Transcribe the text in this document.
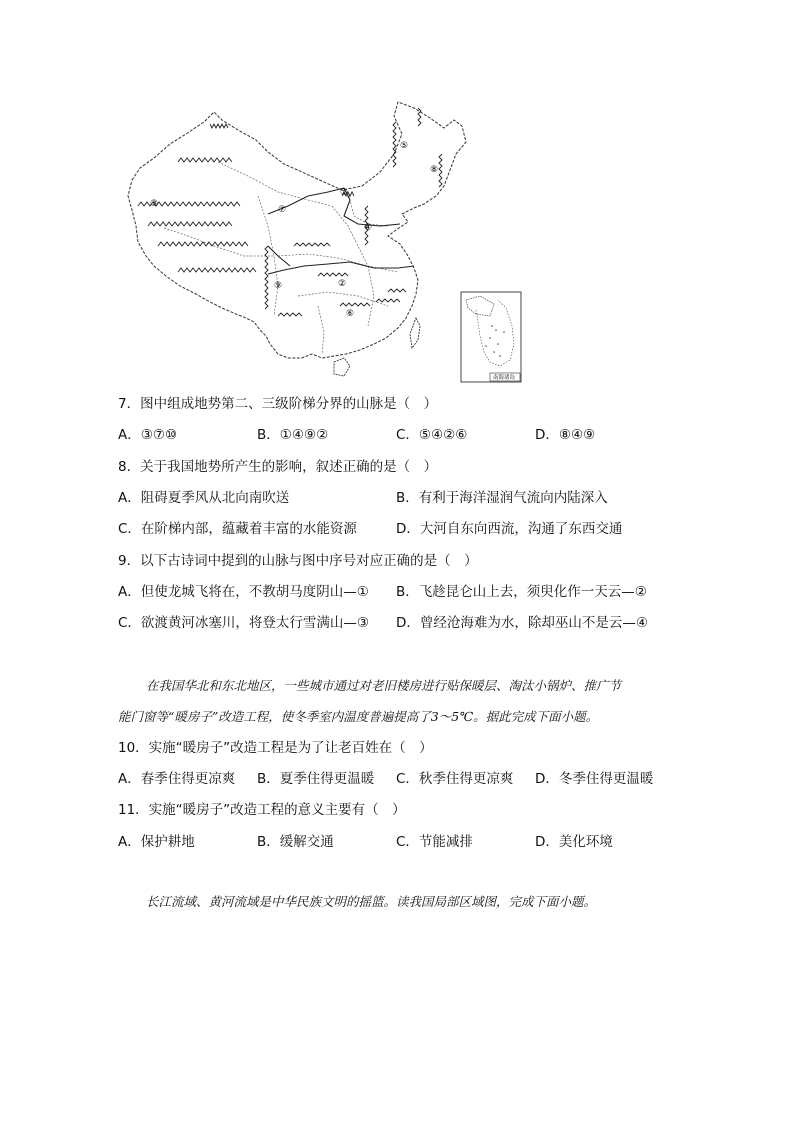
①
②
③
④
⑤
⑥
⑦
⑧
⑨
南海诸岛
7．图中组成地势第二、三级阶梯分界的山脉是（　）
A．③⑦⑩	B．①④⑨②	C．⑤④②⑥	D．⑧④⑨
8．关于我国地势所产生的影响，叙述正确的是（　）
A．阻碍夏季风从北向南吹送	B．有利于海洋湿润气流向内陆深入
C．在阶梯内部，蕴藏着丰富的水能资源	D．大河自东向西流，沟通了东西交通
9．以下古诗词中提到的山脉与图中序号对应正确的是（　）
A．但使龙城飞将在，不教胡马度阴山—① B．飞趁昆仑山上去，须臾化作一天云—②
C．欲渡黄河冰塞川，将登太行雪满山—③ D．曾经沧海难为水，除却巫山不是云—④
在我国华北和东北地区，一些城市通过对老旧楼房进行贴保暖层、淘汰小锅炉、推广节
能门窗等“暖房子”改造工程，使冬季室内温度普遍提高了3～5℃。据此完成下面小题。
10．实施“暖房子”改造工程是为了让老百姓在（　）
A．春季住得更凉爽 B．夏季住得更温暖 C．秋季住得更凉爽 D．冬季住得更温暖
11．实施“暖房子”改造工程的意义主要有（　）
A．保护耕地	B．缓解交通	C．节能减排	D．美化环境
长江流域、黄河流域是中华民族文明的摇篮。读我国局部区域图，完成下面小题。
